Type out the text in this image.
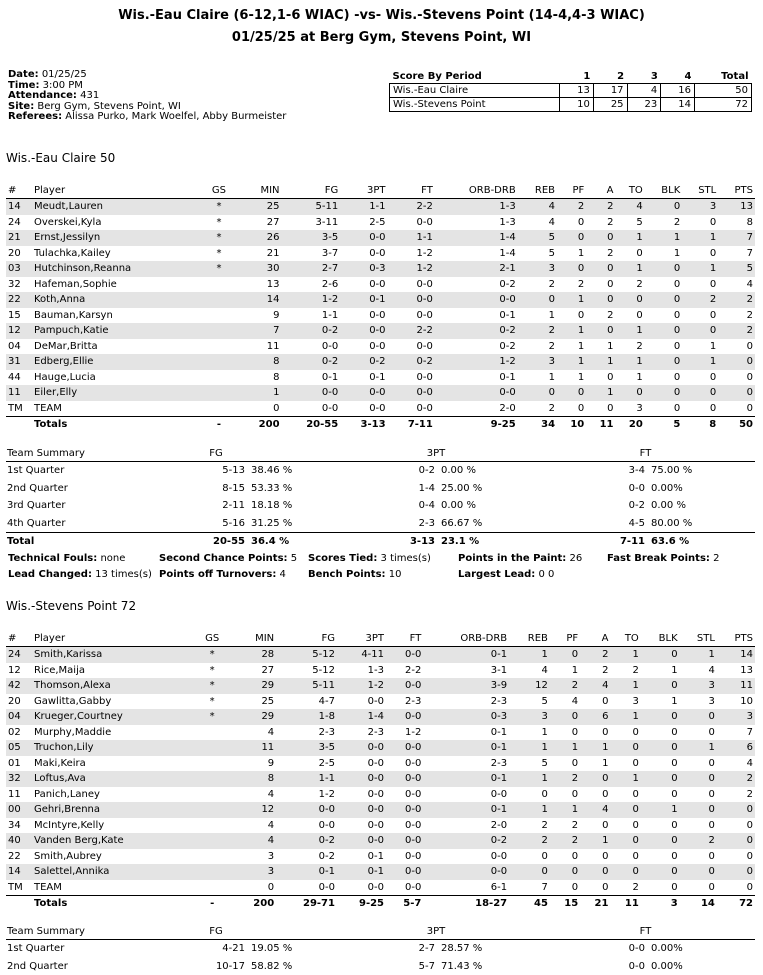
Wis.-Eau Claire (6-12,1-6 WIAC) -vs- Wis.-Stevens Point (14-4,4-3 WIAC)
01/25/25 at Berg Gym, Stevens Point, WI
Date: 01/25/25
Time: 3:00 PM
Attendance: 431
Site: Berg Gym, Stevens Point, WI
Referees: Alissa Purko, Mark Woelfel, Abby Burmeister
Score By Period	1	2	3	4	Total
Wis.-Eau Claire	13	17	4	16	50
Wis.-Stevens Point	10	25	23	14	72
Wis.-Eau Claire 50
#	Player	GS	MIN	FG	3PT	FT	ORB-DRB	REB	PF	A	TO	BLK	STL	PTS
14	Meudt,Lauren	*	25	5-11	1-1	2-2	1-3	4	2	2	4	0	3	13
24	Overskei,Kyla	*	27	3-11	2-5	0-0	1-3	4	0	2	5	2	0	8
21	Ernst,Jessilyn	*	26	3-5	0-0	1-1	1-4	5	0	0	1	1	1	7
20	Tulachka,Kailey	*	21	3-7	0-0	1-2	1-4	5	1	2	0	1	0	7
03	Hutchinson,Reanna	*	30	2-7	0-3	1-2	2-1	3	0	0	1	0	1	5
32	Hafeman,Sophie		13	2-6	0-0	0-0	0-2	2	2	0	2	0	0	4
22	Koth,Anna		14	1-2	0-1	0-0	0-0	0	1	0	0	0	2	2
15	Bauman,Karsyn		9	1-1	0-0	0-0	0-1	1	0	2	0	0	0	2
12	Pampuch,Katie		7	0-2	0-0	2-2	0-2	2	1	0	1	0	0	2
04	DeMar,Britta		11	0-0	0-0	0-0	0-2	2	1	1	2	0	1	0
31	Edberg,Ellie		8	0-2	0-2	0-2	1-2	3	1	1	1	0	1	0
44	Hauge,Lucia		8	0-1	0-1	0-0	0-1	1	1	0	1	0	0	0
11	Eiler,Elly		1	0-0	0-0	0-0	0-0	0	0	1	0	0	0	0
TM	TEAM		0	0-0	0-0	0-0	2-0	2	0	0	3	0	0	0
	Totals	-	200	20-55	3-13	7-11	9-25	34	10	11	20	5	8	50
Team Summary	FG		3PT		FT	
1st Quarter	5-13	38.46 %	0-2	0.00 %	3-4	75.00 %
2nd Quarter	8-15	53.33 %	1-4	25.00 %	0-0	0.00%
3rd Quarter	2-11	18.18 %	0-4	0.00 %	0-2	0.00 %
4th Quarter	5-16	31.25 %	2-3	66.67 %	4-5	80.00 %
Total	20-55	36.4 %	3-13	23.1 %	7-11	63.6 %
Technical Fouls: none	Second Chance Points: 5 Scores Tied: 3 times(s)	Points in the Paint: 26 Fast Break Points: 2
Lead Changed: 13 times(s) Points off Turnovers: 4 Bench Points: 10	Largest Lead: 0 0
Wis.-Stevens Point 72
#	Player	GS	MIN	FG	3PT	FT	ORB-DRB	REB	PF	A	TO	BLK	STL	PTS
24	Smith,Karissa	*	28	5-12	4-11	0-0	0-1	1	0	2	1	0	1	14
12	Rice,Maija	*	27	5-12	1-3	2-2	3-1	4	1	2	2	1	4	13
42	Thomson,Alexa	*	29	5-11	1-2	0-0	3-9	12	2	4	1	0	3	11
20	Gawlitta,Gabby	*	25	4-7	0-0	2-3	2-3	5	4	0	3	1	3	10
04	Krueger,Courtney	*	29	1-8	1-4	0-0	0-3	3	0	6	1	0	0	3
02	Murphy,Maddie		4	2-3	2-3	1-2	0-1	1	0	0	0	0	0	7
05	Truchon,Lily		11	3-5	0-0	0-0	0-1	1	1	1	0	0	1	6
01	Maki,Keira		9	2-5	0-0	0-0	2-3	5	0	1	0	0	0	4
32	Loftus,Ava		8	1-1	0-0	0-0	0-1	1	2	0	1	0	0	2
11	Panich,Laney		4	1-2	0-0	0-0	0-0	0	0	0	0	0	0	2
00	Gehri,Brenna		12	0-0	0-0	0-0	0-1	1	1	4	0	1	0	0
34	McIntyre,Kelly		4	0-0	0-0	0-0	2-0	2	2	0	0	0	0	0
40	Vanden Berg,Kate		4	0-2	0-0	0-0	0-2	2	2	1	0	0	2	0
22	Smith,Aubrey		3	0-2	0-1	0-0	0-0	0	0	0	0	0	0	0
14	Salettel,Annika		3	0-1	0-1	0-0	0-0	0	0	0	0	0	0	0
TM	TEAM		0	0-0	0-0	0-0	6-1	7	0	0	2	0	0	0
	Totals	-	200	29-71	9-25	5-7	18-27	45	15	21	11	3	14	72
Team Summary	FG		3PT		FT	
1st Quarter	4-21	19.05 %	2-7	28.57 %	0-0	0.00%
2nd Quarter	10-17	58.82 %	5-7	71.43 %	0-0	0.00%
